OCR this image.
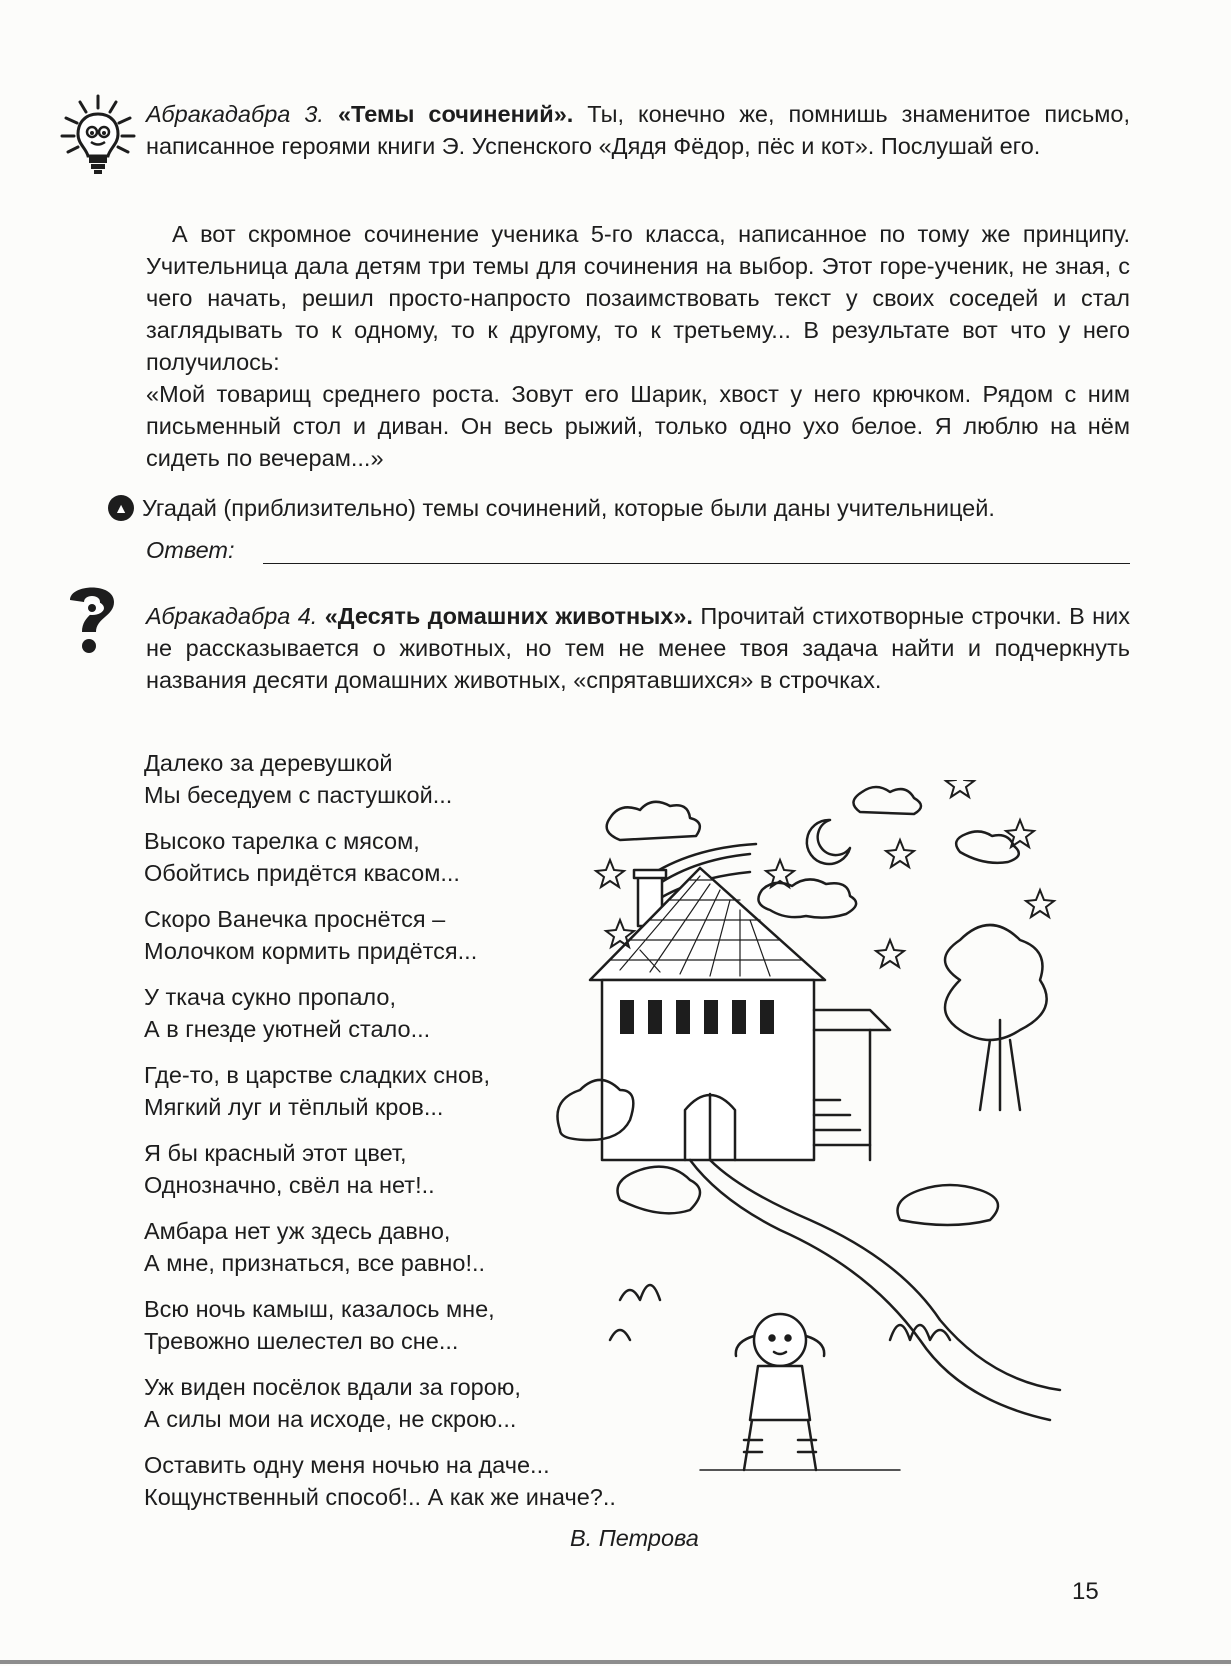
Абракадабра 3. «Темы сочинений». Ты, конечно же, помнишь знаменитое письмо, написанное героями книги Э. Успенского «Дядя Фёдор, пёс и кот». Послушай его.

А вот скромное сочинение ученика 5-го класса, написанное по тому же принципу. Учительница дала детям три темы для сочинения на выбор. Этот горе-ученик, не зная, с чего начать, решил просто-напросто позаимствовать текст у своих соседей и стал заглядывать то к одному, то к другому, то к третьему... В результате вот что у него получилось:

«Мой товарищ среднего роста. Зовут его Шарик, хвост у него крючком. Рядом с ним письменный стол и диван. Он весь рыжий, только одно ухо белое. Я люблю на нём сидеть по вечерам...»

▲ Угадай (приблизительно) темы сочинений, которые были даны учительницей.
Ответ:

Абракадабра 4. «Десять домашних животных». Прочитай стихотворные строчки. В них не рассказывается о животных, но тем не менее твоя задача найти и подчеркнуть названия десяти домашних животных, «спрятавшихся» в строчках.

Далеко за деревушкой
Мы беседуем с пастушкой...
Высоко тарелка с мясом,
Обойтись придётся квасом...
Скоро Ванечка проснётся –
Молочком кормить придётся...
У ткача сукно пропало,
А в гнезде уютней стало...
Где-то, в царстве сладких снов,
Мягкий луг и тёплый кров...
Я бы красный этот цвет,
Однозначно, свёл на нет!..
Амбара нет уж здесь давно,
А мне, признаться, все равно!..
Всю ночь камыш, казалось мне,
Тревожно шелестел во сне...
Уж виден посёлок вдали за горою,
А силы мои на исходе, не скрою...
Оставить одну меня ночью на даче...
Кощунственный способ!.. А как же иначе?..
В. Петрова
15
